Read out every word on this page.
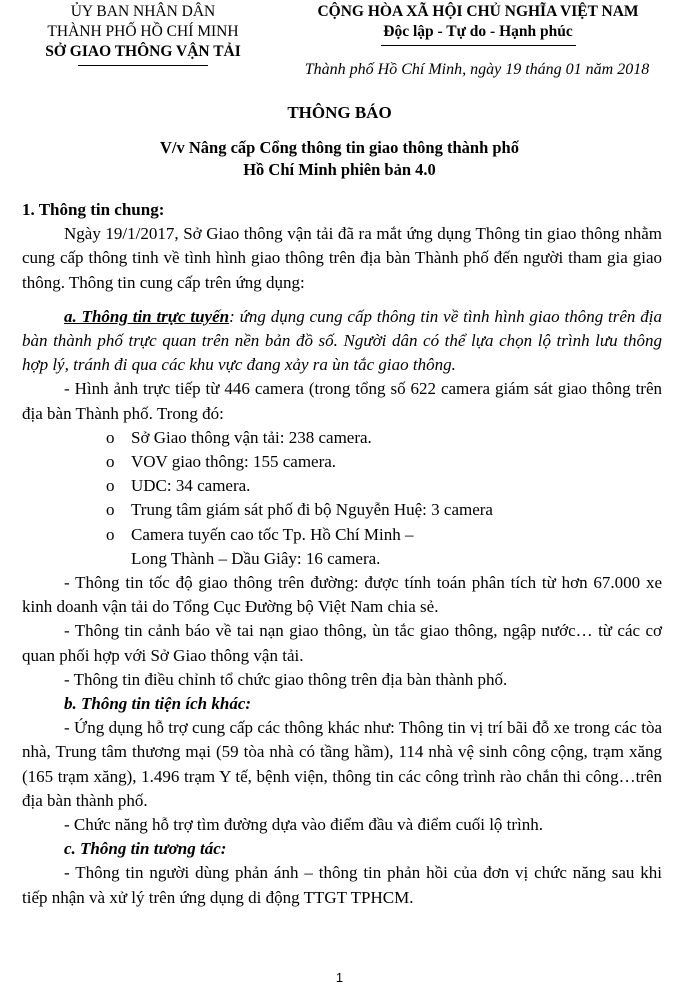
ỦY BAN NHÂN DÂN
THÀNH PHỐ HỒ CHÍ MINH
SỞ GIAO THÔNG VẬN TẢI
CỘNG HÒA XÃ HỘI CHỦ NGHĨA VIỆT NAM
Độc lập - Tự do - Hạnh phúc
Thành phố Hồ Chí Minh, ngày 19 tháng 01 năm 2018
THÔNG BÁO
V/v Nâng cấp Cổng thông tin giao thông thành phố
Hồ Chí Minh phiên bản 4.0

1. Thông tin chung:

Ngày 19/1/2017, Sở Giao thông vận tải đã ra mắt ứng dụng Thông tin giao thông nhằm cung cấp thông tinh về tình hình giao thông trên địa bàn Thành phố đến người tham gia giao thông. Thông tin cung cấp trên ứng dụng:

a. Thông tin trực tuyến: ứng dụng cung cấp thông tin về tình hình giao thông trên địa bàn thành phố trực quan trên nền bản đồ số. Người dân có thể lựa chọn lộ trình lưu thông hợp lý, tránh đi qua các khu vực đang xảy ra ùn tắc giao thông.

- Hình ảnh trực tiếp từ 446 camera (trong tổng số 622 camera giám sát giao thông trên địa bàn Thành phố. Trong đó:

o Sở Giao thông vận tải: 238 camera.
o VOV giao thông: 155 camera.
o UDC: 34 camera.
o Trung tâm giám sát phố đi bộ Nguyễn Huệ: 3 camera
o Camera tuyến cao tốc Tp. Hồ Chí Minh –

Long Thành – Dầu Giây: 16 camera.

- Thông tin tốc độ giao thông trên đường: được tính toán phân tích từ hơn 67.000 xe kinh doanh vận tải do Tổng Cục Đường bộ Việt Nam chia sẻ.

- Thông tin cảnh báo về tai nạn giao thông, ùn tắc giao thông, ngập nước… từ các cơ quan phối hợp với Sở Giao thông vận tải.

- Thông tin điều chỉnh tổ chức giao thông trên địa bàn thành phố.

b. Thông tin tiện ích khác:

- Ứng dụng hỗ trợ cung cấp các thông khác như: Thông tin vị trí bãi đỗ xe trong các tòa nhà, Trung tâm thương mại (59 tòa nhà có tầng hầm), 114 nhà vệ sinh công cộng, trạm xăng (165 trạm xăng), 1.496 trạm Y tế, bệnh viện, thông tin các công trình rào chắn thi công…trên địa bàn thành phố.

- Chức năng hỗ trợ tìm đường dựa vào điểm đầu và điểm cuối lộ trình.

c. Thông tin tương tác:

- Thông tin người dùng phản ánh – thông tin phản hồi của đơn vị chức năng sau khi tiếp nhận và xử lý trên ứng dụng di động TTGT TPHCM.

1
